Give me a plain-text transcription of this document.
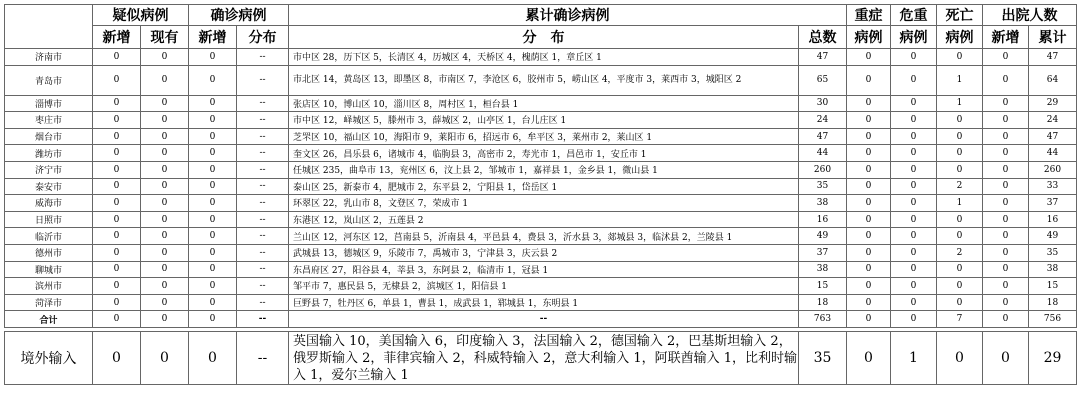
	疑似病例		确诊病例		累计确诊病例		重症	危重	死亡	出院人数	
	新增	现有	新增	分布	分　布	总数	病例	病例	病例	新增	累计
济南市	0	0	0	--	市中区 28，历下区 5，长清区 4，历城区 4，天桥区 4，槐荫区 1，章丘区 1	47	0	0	0	0	47
青岛市	0	0	0	--	市北区 14，黄岛区 13，即墨区 8，市南区 7，李沧区 6，胶州市 5，崂山区 4，平度市 3，莱西市 3，城阳区 2	65	0	0	1	0	64
淄博市	0	0	0	--	张店区 10，博山区 10，淄川区 8，周村区 1，桓台县 1	30	0	0	1	0	29
枣庄市	0	0	0	--	市中区 12，峄城区 5，滕州市 3，薛城区 2，山亭区 1，台儿庄区 1	24	0	0	0	0	24
烟台市	0	0	0	--	芝罘区 10，福山区 10，海阳市 9，莱阳市 6，招远市 6，牟平区 3，莱州市 2，莱山区 1	47	0	0	0	0	47
潍坊市	0	0	0	--	奎文区 26，昌乐县 6，诸城市 4，临朐县 3，高密市 2，寿光市 1，昌邑市 1，安丘市 1	44	0	0	0	0	44
济宁市	0	0	0	--	任城区 235，曲阜市 13，兖州区 6，汶上县 2，邹城市 1，嘉祥县 1，金乡县 1，微山县 1	260	0	0	0	0	260
泰安市	0	0	0	--	泰山区 25，新泰市 4，肥城市 2，东平县 2，宁阳县 1，岱岳区 1	35	0	0	2	0	33
威海市	0	0	0	--	环翠区 22，乳山市 8，文登区 7，荣成市 1	38	0	0	1	0	37
日照市	0	0	0	--	东港区 12，岚山区 2，五莲县 2	16	0	0	0	0	16
临沂市	0	0	0	--	兰山区 12，河东区 12，莒南县 5，沂南县 4，平邑县 4，费县 3，沂水县 3，郯城县 3，临沭县 2，兰陵县 1	49	0	0	0	0	49
德州市	0	0	0	--	武城县 13，德城区 9，乐陵市 7，禹城市 3，宁津县 3，庆云县 2	37	0	0	2	0	35
聊城市	0	0	0	--	东昌府区 27，阳谷县 4，莘县 3，东阿县 2，临清市 1，冠县 1	38	0	0	0	0	38
滨州市	0	0	0	--	邹平市 7，惠民县 5，无棣县 2，滨城区 1，阳信县 1	15	0	0	0	0	15
菏泽市	0	0	0	--	巨野县 7，牡丹区 6，单县 1，曹县 1，成武县 1，郓城县 1，东明县 1	18	0	0	0	0	18
合计	0	0	0	--	--	763	0	0	7	0	756

境外输入	0	0	0	--	英国输入 10，美国输入 6，印度输入 3，法国输入 2，德国输入 2，巴基斯坦输入 2，俄罗斯输入 2，菲律宾输入 2，科威特输入 2，意大利输入 1，阿联酋输入 1，比利时输入 1，爱尔兰输入 1	35	0	1	0	0	29
